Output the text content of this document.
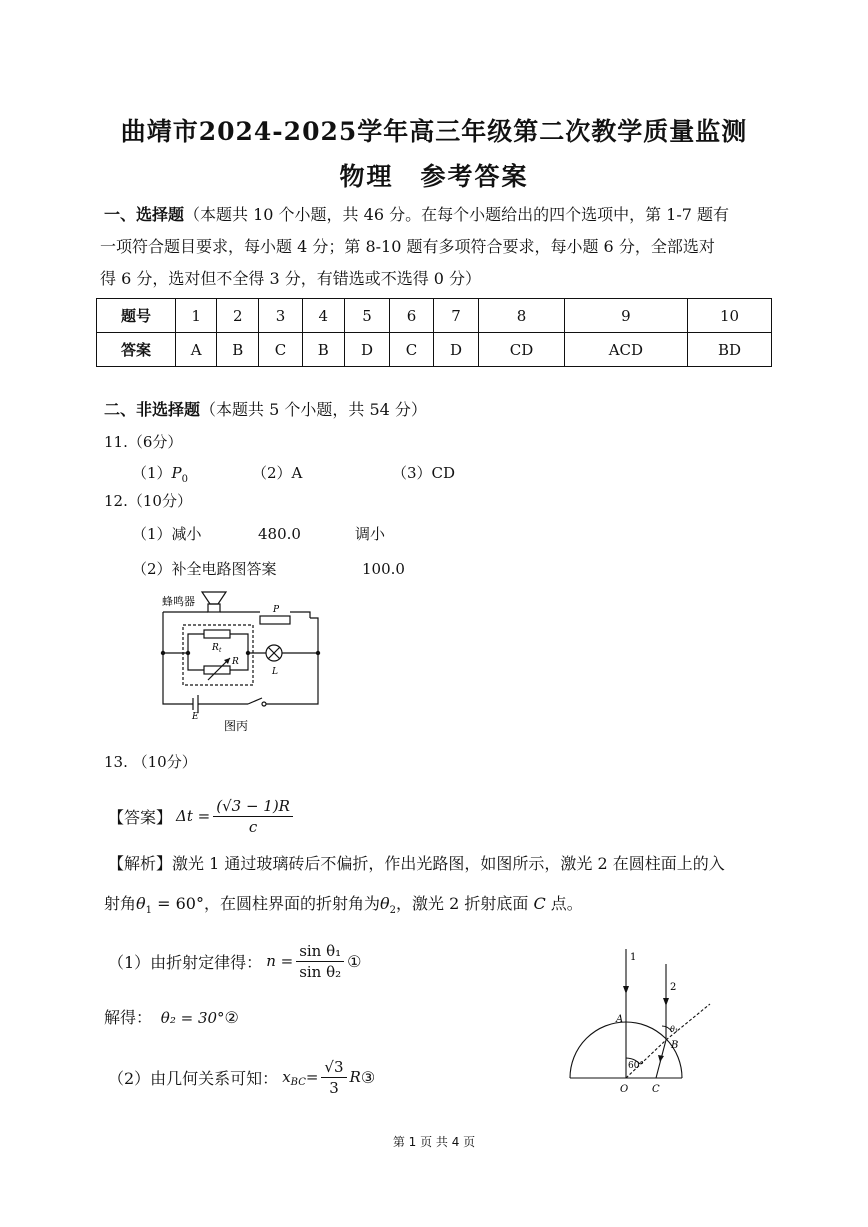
曲靖市2024-2025学年高三年级第二次教学质量监测
物理　参考答案
一、选择题（本题共 10 个小题，共 46 分。在每个小题给出的四个选项中，第 1-7 题有
一项符合题目要求，每小题 4 分；第 8-10 题有多项符合要求，每小题 6 分，全部选对
得 6 分，选对但不全得 3 分，有错选或不选得 0 分）
题号	1	2	3	4	5	6	7	8	9	10
答案	A	B	C	B	D	C	D	CD	ACD	BD
二、非选择题（本题共 5 个小题，共 54 分）
11.（6分）
$(1)P_0$	（2）A	（3）CD
12.（10分）
（1）减小	480.0	调小
（2）补全电路图答案	100.0
蜂鸣器
P
R t
R
L
E
图丙
13. （10分）
【答案】 $\Delta t = \frac{(√3 - 1)R}{c}$
【解析】激光 1 通过玻璃砖后不偏折，作出光路图，如图所示，激光 2 在圆柱面上的入
射角$\theta_1 = 60^\circ$，在圆柱界面的折射角为$\theta_2$，激光 2 折射底面 C 点。
（1）由折射定律得： $n = \frac{\text{sin θ₁}}{\text{sin θ₂}}$ ①
解得： θ₂ = 30°②
（2）由几何关系可知： $x_{BC} = \frac{√3}{3}$ R ③
1
2
A
B
C
O
60°
θ₁
第 1 页 共 4 页
